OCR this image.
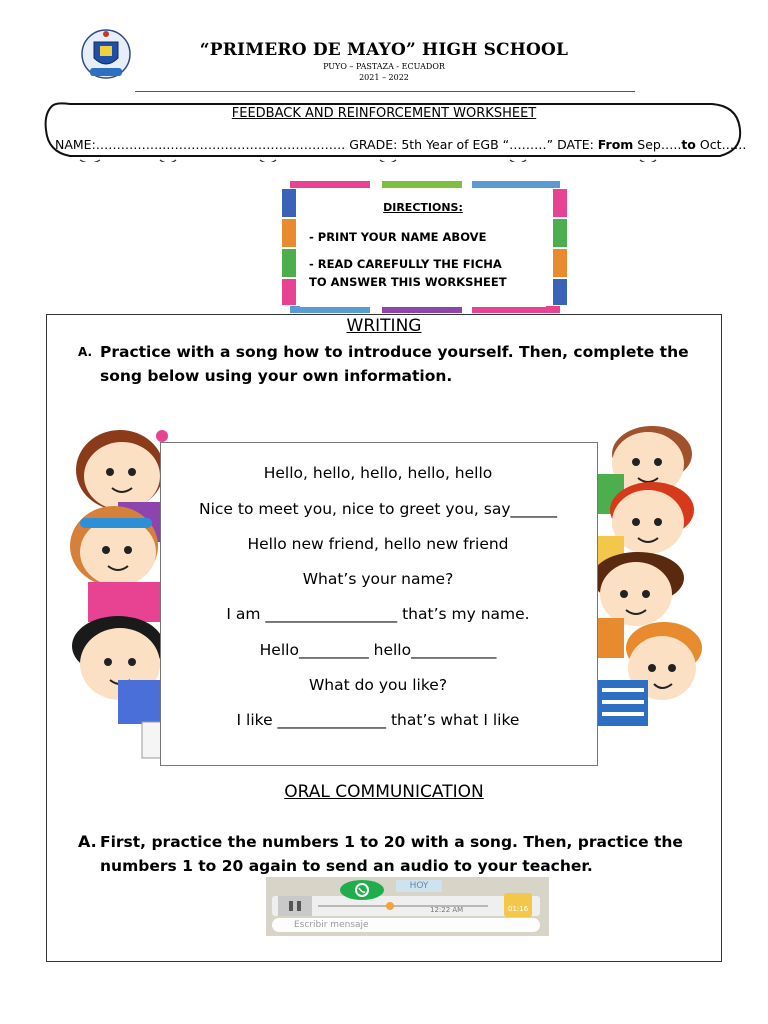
“PRIMERO DE MAYO” HIGH SCHOOL
PUYO – PASTAZA - ECUADOR
2021 – 2022
FEEDBACK AND REINFORCEMENT WORKSHEET
NAME:……………..……………………………………. GRADE: 5th Year of EGB “………” DATE: From Sep…..to Oct……
DIRECTIONS:
- PRINT YOUR NAME ABOVE
- READ CAREFULLY THE FICHA
TO ANSWER THIS WORKSHEET
WRITING
A. Practice with a song how to introduce yourself. Then, complete the song below using your own information.
Hello, hello, hello, hello, hello
Nice to meet you, nice to greet you, say______
Hello new friend, hello new friend
What’s your name?
I am _________________ that’s my name.
Hello_________ hello___________
What do you like?
I like ______________ that’s what I like
ORAL COMMUNICATION
A. First, practice the numbers 1 to 20 with a song. Then, practice the numbers 1 to 20 again to send an audio to your teacher.
HOY
12:22 AM	01:16
Escribir mensaje
